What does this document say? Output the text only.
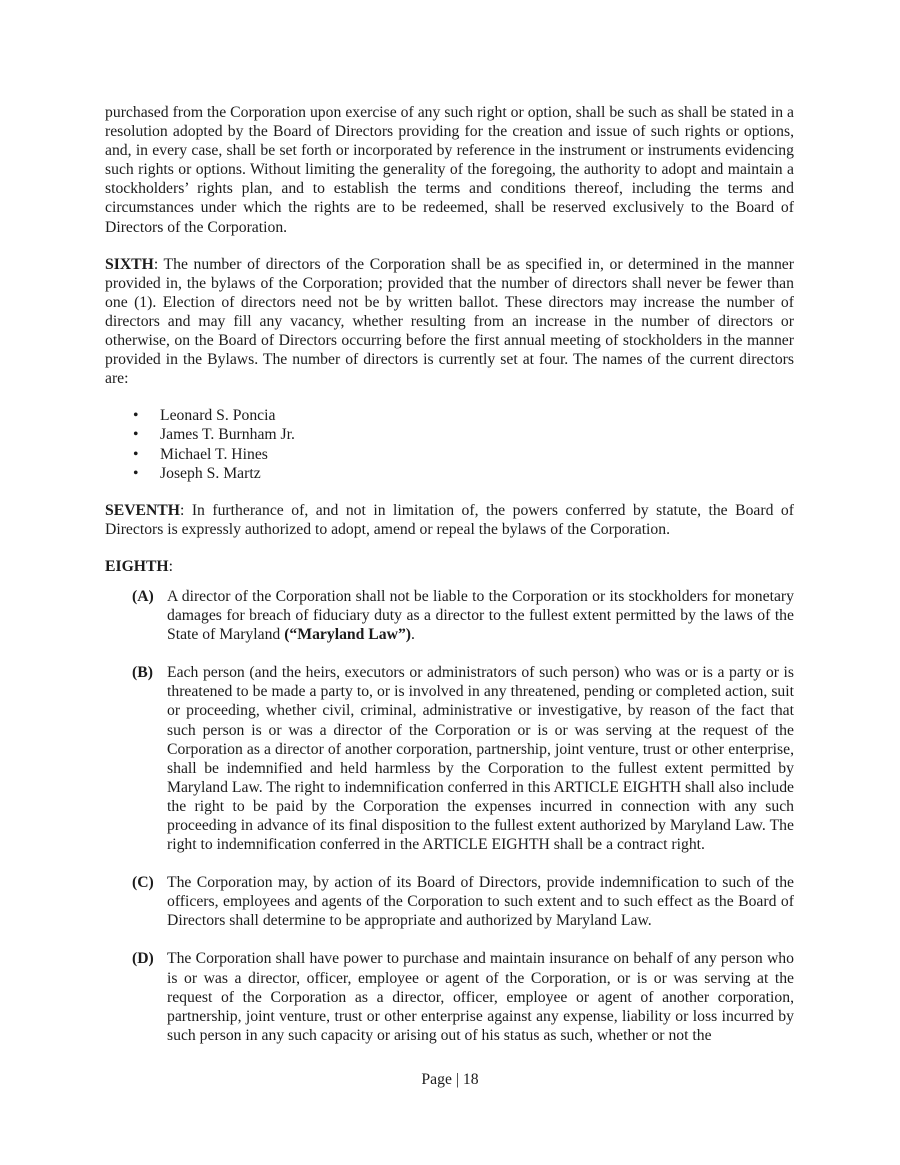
purchased from the Corporation upon exercise of any such right or option, shall be such as shall be stated in a resolution adopted by the Board of Directors providing for the creation and issue of such rights or options, and, in every case, shall be set forth or incorporated by reference in the instrument or instruments evidencing such rights or options. Without limiting the generality of the foregoing, the authority to adopt and maintain a stockholders’ rights plan, and to establish the terms and conditions thereof, including the terms and circumstances under which the rights are to be redeemed, shall be reserved exclusively to the Board of Directors of the Corporation.

SIXTH: The number of directors of the Corporation shall be as specified in, or determined in the manner provided in, the bylaws of the Corporation; provided that the number of directors shall never be fewer than one (1). Election of directors need not be by written ballot. These directors may increase the number of directors and may fill any vacancy, whether resulting from an increase in the number of directors or otherwise, on the Board of Directors occurring before the first annual meeting of stockholders in the manner provided in the Bylaws. The number of directors is currently set at four. The names of the current directors are:

•	Leonard S. Poncia
•	James T. Burnham Jr.
•	Michael T. Hines
•	Joseph S. Martz

SEVENTH: In furtherance of, and not in limitation of, the powers conferred by statute, the Board of Directors is expressly authorized to adopt, amend or repeal the bylaws of the Corporation.

EIGHTH:

(A) A director of the Corporation shall not be liable to the Corporation or its stockholders for monetary damages for breach of fiduciary duty as a director to the fullest extent permitted by the laws of the State of Maryland (“Maryland Law”).
(B) Each person (and the heirs, executors or administrators of such person) who was or is a party or is threatened to be made a party to, or is involved in any threatened, pending or completed action, suit or proceeding, whether civil, criminal, administrative or investigative, by reason of the fact that such person is or was a director of the Corporation or is or was serving at the request of the Corporation as a director of another corporation, partnership, joint venture, trust or other enterprise, shall be indemnified and held harmless by the Corporation to the fullest extent permitted by Maryland Law. The right to indemnification conferred in this ARTICLE EIGHTH shall also include the right to be paid by the Corporation the expenses incurred in connection with any such proceeding in advance of its final disposition to the fullest extent authorized by Maryland Law. The right to indemnification conferred in the ARTICLE EIGHTH shall be a contract right.
(C) The Corporation may, by action of its Board of Directors, provide indemnification to such of the officers, employees and agents of the Corporation to such extent and to such effect as the Board of Directors shall determine to be appropriate and authorized by Maryland Law.
(D) The Corporation shall have power to purchase and maintain insurance on behalf of any person who is or was a director, officer, employee or agent of the Corporation, or is or was serving at the request of the Corporation as a director, officer, employee or agent of another corporation, partnership, joint venture, trust or other enterprise against any expense, liability or loss incurred by such person in any such capacity or arising out of his status as such, whether or not the
Page | 18
